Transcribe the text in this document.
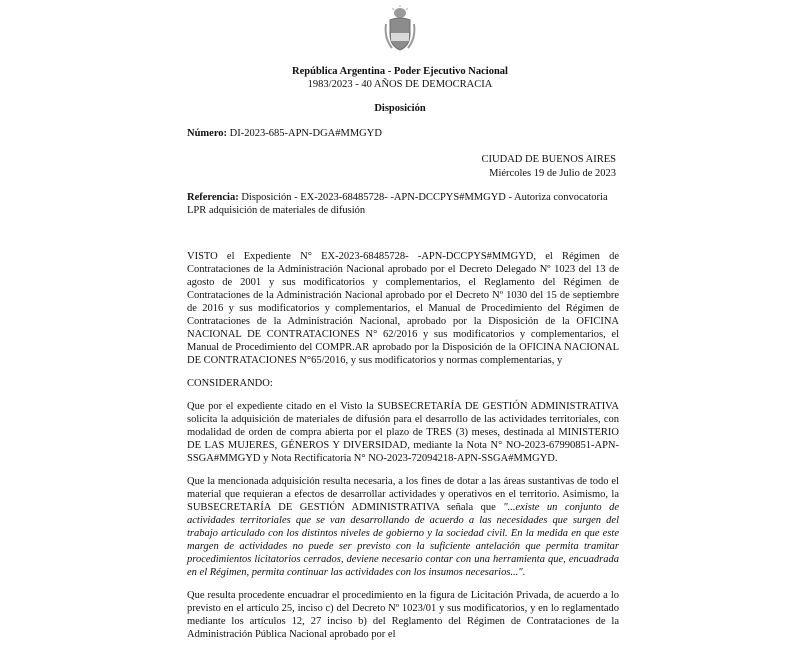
República Argentina - Poder Ejecutivo Nacional
1983/2023 - 40 AÑOS DE DEMOCRACIA
Disposición
Número: DI-2023-685-APN-DGA#MMGYD
CIUDAD DE BUENOS AIRES
Miércoles 19 de Julio de 2023
Referencia: Disposición - EX-2023-68485728- -APN-DCCPYS#MMGYD - Autoriza convocatoria LPR adquisición de materiales de difusión

VISTO el Expediente N° EX-2023-68485728- -APN-DCCPYS#MMGYD, el Régimen de Contrataciones de la Administración Nacional aprobado por el Decreto Delegado Nº 1023 del 13 de agosto de 2001 y sus modificatorios y complementarios, el Reglamento del Régimen de Contrataciones de la Administración Nacional aprobado por el Decreto Nº 1030 del 15 de septiembre de 2016 y sus modificatorios y complementarios, el Manual de Procedimiento del Régimen de Contrataciones de la Administración Nacional, aprobado por la Disposición de la OFICINA NACIONAL DE CONTRATACIONES N° 62/2016 y sus modificatorios y complementarios, el Manual de Procedimiento del COMPR.AR aprobado por la Disposición de la OFICINA NACIONAL DE CONTRATACIONES N°65/2016, y sus modificatorios y normas complementarias, y

CONSIDERANDO:

Que por el expediente citado en el Visto la SUBSECRETARÍA DE GESTIÓN ADMINISTRATIVA solicita la adquisición de materiales de difusión para el desarrollo de las actividades territoriales, con modalidad de orden de compra abierta por el plazo de TRES (3) meses, destinada al MINISTERIO DE LAS MUJERES, GÉNEROS Y DIVERSIDAD, mediante la Nota N° NO-2023-67990851-APN-SSGA#MMGYD y Nota Rectificatoria N° NO-2023-72094218-APN-SSGA#MMGYD.

Que la mencionada adquisición resulta necesaria, a los fines de dotar a las áreas sustantivas de todo el material que requieran a efectos de desarrollar actividades y operativos en el territorio. Asimismo, la SUBSECRETARÍA DE GESTIÓN ADMINISTRATIVA señala que "...existe un conjunto de actividades territoriales que se van desarrollando de acuerdo a las necesidades que surgen del trabajo articulado con los distintos niveles de gobierno y la sociedad civil. En la medida en que este margen de actividades no puede ser previsto con la suficiente antelación que permita tramitar procedimientos licitatorios cerrados, deviene necesario contar con una herramienta que, encuadrada en el Régimen, permita continuar las actividades con los insumos necesarios...".

Que resulta procedente encuadrar el procedimiento en la figura de Licitación Privada, de acuerdo a lo previsto en el artículo 25, inciso c) del Decreto Nº 1023/01 y sus modificatorios, y en lo reglamentado mediante los artículos 12, 27 inciso b) del Reglamento del Régimen de Contrataciones de la Administración Pública Nacional aprobado por el
